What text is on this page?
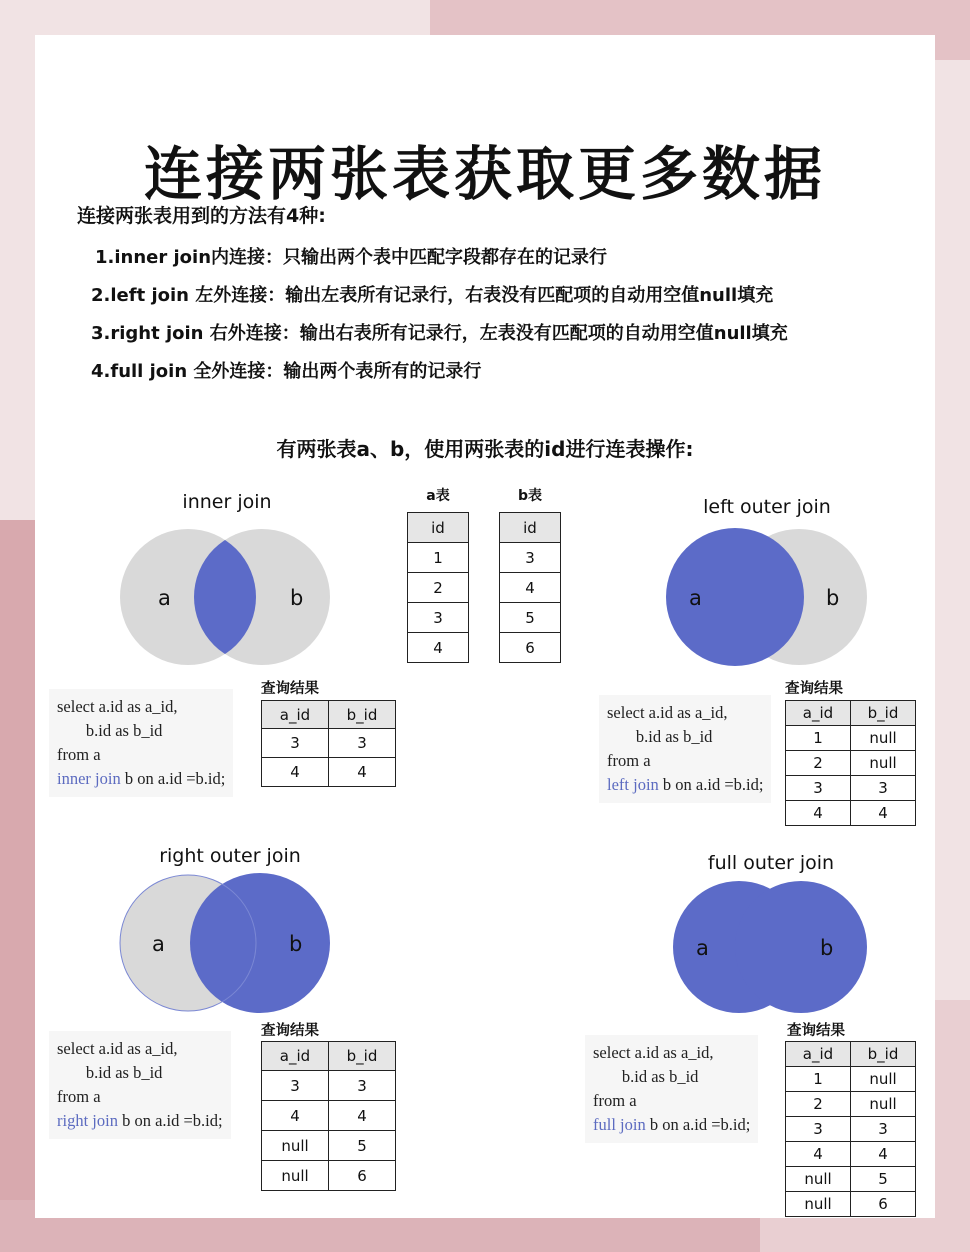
连接两张表获取更多数据
连接两张表用到的方法有4种:
1.inner join内连接：只输出两个表中匹配字段都存在的记录行
2.left join 左外连接：输出左表所有记录行，右表没有匹配项的自动用空值null填充
3.right join 右外连接：输出右表所有记录行，左表没有匹配项的自动用空值null填充
4.full join 全外连接：输出两个表所有的记录行
有两张表a、b，使用两张表的id进行连表操作:
inner join
a	b
select a.id as a_id,
b.id as b_id
from a
inner join b on a.id =b.id;
查询结果
a_id	b_id
3	3
4	4
a表
id
1
2
3
4
b表
id
3
4
5
6
left outer join
a	b
select a.id as a_id,
b.id as b_id
from a
left join b on a.id =b.id;
查询结果
a_id	b_id
1	null
2	null
3	3
4	4
right outer join
a	b
select a.id as a_id,
b.id as b_id
from a
right join b on a.id =b.id;
查询结果
a_id	b_id
3	3
4	4
null	5
null	6
full outer join
a	b
select a.id as a_id,
b.id as b_id
from a
full join b on a.id =b.id;
查询结果
a_id	b_id
1	null
2	null
3	3
4	4
null	5
null	6
